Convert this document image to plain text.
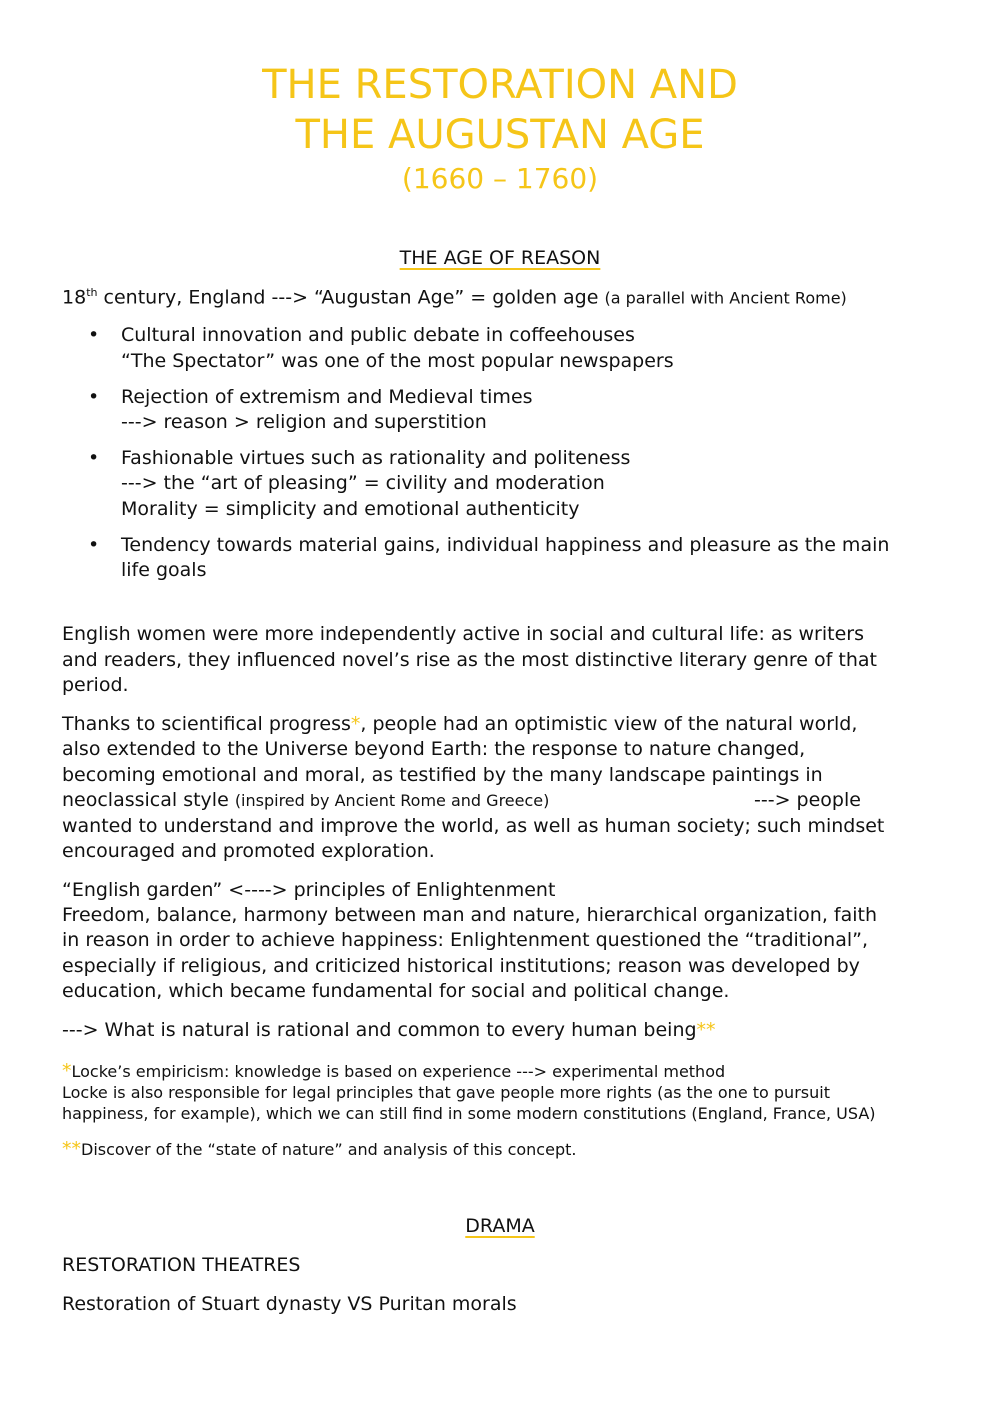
THE RESTORATION AND
THE AUGUSTAN AGE
(1660 – 1760)
THE AGE OF REASON
18th century, England ---> “Augustan Age” = golden age (a parallel with Ancient Rome)
• Cultural innovation and public debate in coffeehouses
“The Spectator” was one of the most popular newspapers
• Rejection of extremism and Medieval times
---> reason > religion and superstition
• Fashionable virtues such as rationality and politeness
---> the “art of pleasing” = civility and moderation
Morality = simplicity and emotional authenticity
• Tendency towards material gains, individual happiness and pleasure as the main
life goals
English women were more independently active in social and cultural life: as writers
and readers, they influenced novel’s rise as the most distinctive literary genre of that
period.
Thanks to scientifical progress*, people had an optimistic view of the natural world,
also extended to the Universe beyond Earth: the response to nature changed,
becoming emotional and moral, as testified by the many landscape paintings in
neoclassical style (inspired by Ancient Rome and Greece)	---> people
wanted to understand and improve the world, as well as human society; such mindset
encouraged and promoted exploration.
“English garden” <----> principles of Enlightenment
Freedom, balance, harmony between man and nature, hierarchical organization, faith
in reason in order to achieve happiness: Enlightenment questioned the “traditional”,
especially if religious, and criticized historical institutions; reason was developed by
education, which became fundamental for social and political change.
---> What is natural is rational and common to every human being**
*Locke’s empiricism: knowledge is based on experience ---> experimental method
Locke is also responsible for legal principles that gave people more rights (as the one to pursuit
happiness, for example), which we can still find in some modern constitutions (England, France, USA)
**Discover of the “state of nature” and analysis of this concept.
DRAMA
RESTORATION THEATRES
Restoration of Stuart dynasty VS Puritan morals
